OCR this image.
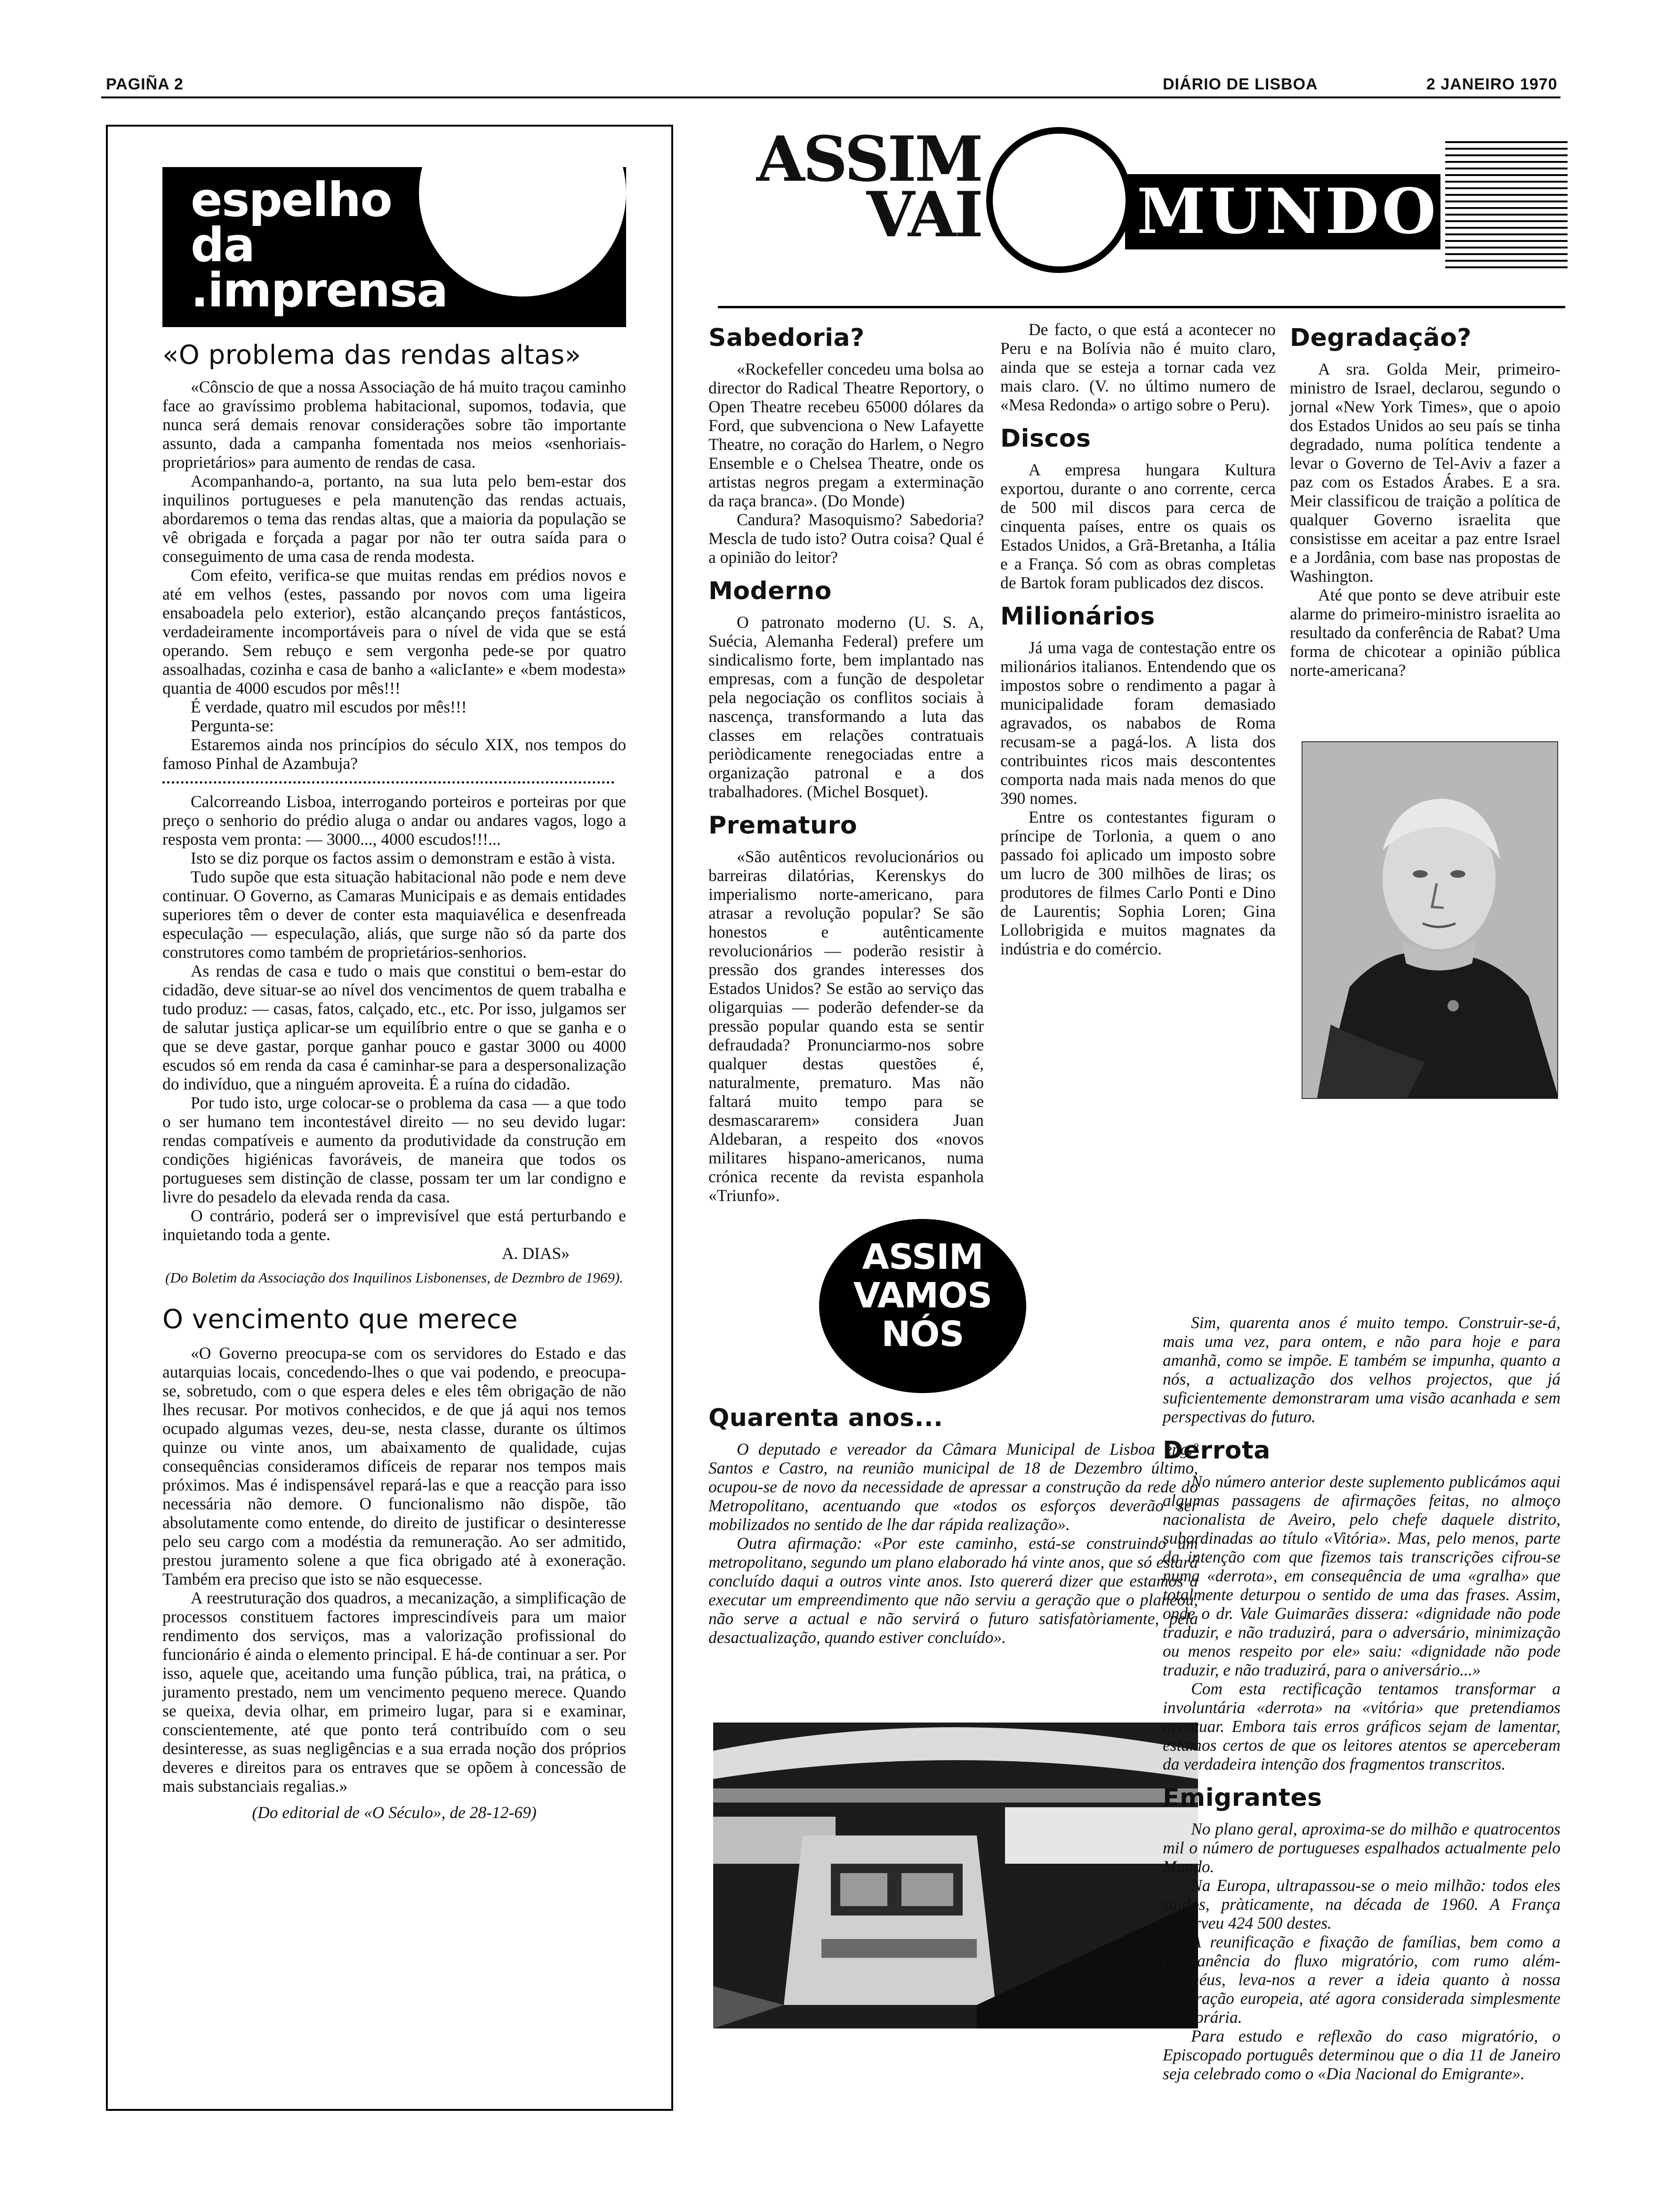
PAGIÑA 2	DIÁRIO DE LISBOA	2 JANEIRO 1970
espelho
da
.imprensa
«O problema das rendas altas»

«Cônscio de que a nossa Associação de há muito traçou caminho face ao gravíssimo problema habitacional, supomos, todavia, que nunca será demais renovar considerações sobre tão importante assunto, dada a campanha fomentada nos meios «senhoriais-proprietários» para aumento de rendas de casa.

Acompanhando-a, portanto, na sua luta pelo bem-estar dos inquilinos portugueses e pela manutenção das rendas actuais, abordaremos o tema das rendas altas, que a maioria da população se vê obrigada e forçada a pagar por não ter outra saída para o conseguimento de uma casa de renda modesta.

Com efeito, verifica-se que muitas rendas em prédios novos e até em velhos (estes, passando por novos com uma ligeira ensaboadela pelo exterior), estão alcançando preços fantásticos, verdadeiramente incomportáveis para o nível de vida que se está operando. Sem rebuço e sem vergonha pede-se por quatro assoalhadas, cozinha e casa de banho a «alicIante» e «bem modesta» quantia de 4000 escudos por mês!!!

É verdade, quatro mil escudos por mês!!!

Pergunta-se:

Estaremos ainda nos princípios do século XIX, nos tempos do famoso Pinhal de Azambuja?

Calcorreando Lisboa, interrogando porteiros e porteiras por que preço o senhorio do prédio aluga o andar ou andares vagos, logo a resposta vem pronta: — 3000..., 4000 escudos!!!...

Isto se diz porque os factos assim o demonstram e estão à vista.

Tudo supõe que esta situação habitacional não pode e nem deve continuar. O Governo, as Camaras Municipais e as demais entidades superiores têm o dever de conter esta maquiavélica e desenfreada especulação — especulação, aliás, que surge não só da parte dos construtores como também de proprietários-senhorios.

As rendas de casa e tudo o mais que constitui o bem-estar do cidadão, deve situar-se ao nível dos vencimentos de quem trabalha e tudo produz: — casas, fatos, calçado, etc., etc. Por isso, julgamos ser de salutar justiça aplicar-se um equilíbrio entre o que se ganha e o que se deve gastar, porque ganhar pouco e gastar 3000 ou 4000 escudos só em renda da casa é caminhar-se para a despersonalização do indivíduo, que a ninguém aproveita. É a ruína do cidadão.

Por tudo isto, urge colocar-se o problema da casa — a que todo o ser humano tem incontestável direito — no seu devido lugar: rendas compatíveis e aumento da produtividade da construção em condições higiénicas favoráveis, de maneira que todos os portugueses sem distinção de classe, possam ter um lar condigno e livre do pesadelo da elevada renda da casa.

O contrário, poderá ser o imprevisível que está perturbando e inquietando toda a gente.

A. DIAS»

(Do Boletim da Associação dos Inquilinos Lisbonenses, de Dezmbro de 1969).

O vencimento que merece

«O Governo preocupa-se com os servidores do Estado e das autarquias locais, concedendo-lhes o que vai podendo, e preocupa-se, sobretudo, com o que espera deles e eles têm obrigação de não lhes recusar. Por motivos conhecidos, e de que já aqui nos temos ocupado algumas vezes, deu-se, nesta classe, durante os últimos quinze ou vinte anos, um abaixamento de qualidade, cujas consequências consideramos difíceis de reparar nos tempos mais próximos. Mas é indispensável repará-las e que a reacção para isso necessária não demore. O funcionalismo não dispõe, tão absolutamente como entende, do direito de justificar o desinteresse pelo seu cargo com a modéstia da remuneração. Ao ser admitido, prestou juramento solene a que fica obrigado até à exoneração. Também era preciso que isto se não esquecesse.

A reestruturação dos quadros, a mecanização, a simplificação de processos constituem factores imprescindíveis para um maior rendimento dos serviços, mas a valorização profissional do funcionário é ainda o elemento principal. E há-de continuar a ser. Por isso, aquele que, aceitando uma função pública, trai, na prática, o juramento prestado, nem um vencimento pequeno merece. Quando se queixa, devia olhar, em primeiro lugar, para si e examinar, conscientemente, até que ponto terá contribuído com o seu desinteresse, as suas negligências e a sua errada noção dos próprios deveres e direitos para os entraves que se opõem à concessão de mais substanciais regalias.»

(Do editorial de «O Século», de 28-12-69)

ASSIM
VAI	MUNDO
Sabedoria?

«Rockefeller concedeu uma bolsa ao director do Radical Theatre Reportory, o Open Theatre recebeu 65000 dólares da Ford, que subvenciona o New Lafayette Theatre, no coração do Harlem, o Negro Ensemble e o Chelsea Theatre, onde os artistas negros pregam a exterminação da raça branca». (Do Monde)

Candura? Masoquismo? Sabedoria? Mescla de tudo isto? Outra coisa? Qual é a opinião do leitor?

Moderno

O patronato moderno (U. S. A, Suécia, Alemanha Federal) prefere um sindicalismo forte, bem implantado nas empresas, com a função de despoletar pela negociação os conflitos sociais à nascença, transformando a luta das classes em relações contratuais periòdicamente renegociadas entre a organização patronal e a dos trabalhadores. (Michel Bosquet).

Prematuro

«São autênticos revolucionários ou barreiras dilatórias, Kerenskys do imperialismo norte-americano, para atrasar a revolução popular? Se são honestos e autênticamente revolucionários — poderão resistir à pressão dos grandes interesses dos Estados Unidos? Se estão ao serviço das oligarquias — poderão defender-se da pressão popular quando esta se sentir defraudada? Pronunciarmo-nos sobre qualquer destas questões é, naturalmente, prematuro. Mas não faltará muito tempo para se desmascararem» considera Juan Aldebaran, a respeito dos «novos militares hispano-americanos, numa crónica recente da revista espanhola «Triunfo».

De facto, o que está a acontecer no Peru e na Bolívia não é muito claro, ainda que se esteja a tornar cada vez mais claro. (V. no último numero de «Mesa Redonda» o artigo sobre o Peru).

Discos

A empresa hungara Kultura exportou, durante o ano corrente, cerca de 500 mil discos para cerca de cinquenta países, entre os quais os Estados Unidos, a Grã-Bretanha, a Itália e a França. Só com as obras completas de Bartok foram publicados dez discos.

Milionários

Já uma vaga de contestação entre os milionários italianos. Entendendo que os impostos sobre o rendimento a pagar à municipalidade foram demasiado agravados, os nababos de Roma recusam-se a pagá-los. A lista dos contribuintes ricos mais descontentes comporta nada mais nada menos do que 390 nomes.

Entre os contestantes figuram o príncipe de Torlonia, a quem o ano passado foi aplicado um imposto sobre um lucro de 300 milhões de liras; os produtores de filmes Carlo Ponti e Dino de Laurentis; Sophia Loren; Gina Lollobrigida e muitos magnates da indústria e do comércio.

Degradação?

A sra. Golda Meir, primeiro-ministro de Israel, declarou, segundo o jornal «New York Times», que o apoio dos Estados Unidos ao seu país se tinha degradado, numa política tendente a levar o Governo de Tel-Aviv a fazer a paz com os Estados Árabes. E a sra. Meir classificou de traição a política de qualquer Governo israelita que consistisse em aceitar a paz entre Israel e a Jordânia, com base nas propostas de Washington.

Até que ponto se deve atribuir este alarme do primeiro-ministro israelita ao resultado da conferência de Rabat? Uma forma de chicotear a opinião pública norte-americana?

ASSIM
VAMOS
NÓS
Quarenta anos...

O deputado e vereador da Câmara Municipal de Lisboa eng.º Santos e Castro, na reunião municipal de 18 de Dezembro último, ocupou-se de novo da necessidade de apressar a construção da rede do Metropolitano, acentuando que «todos os esforços deverão ser mobilizados no sentido de lhe dar rápida realização».

Outra afirmação: «Por este caminho, está-se construindo um metropolitano, segundo um plano elaborado há vinte anos, que só estará concluído daqui a outros vinte anos. Isto quererá dizer que estamos a executar um empreendimento que não serviu a geração que o planeou, não serve a actual e não servirá o futuro satisfatòriamente, pela desactualização, quando estiver concluído».

Sim, quarenta anos é muito tempo. Construir-se-á, mais uma vez, para ontem, e não para hoje e para amanhã, como se impõe. E também se impunha, quanto a nós, a actualização dos velhos projectos, que já suficientemente demonstraram uma visão acanhada e sem perspectivas do futuro.

Derrota

No número anterior deste suplemento publicámos aqui algumas passagens de afirmações feitas, no almoço nacionalista de Aveiro, pelo chefe daquele distrito, subordinadas ao título «Vitória». Mas, pelo menos, parte da intenção com que fizemos tais transcrições cifrou-se numa «derrota», em consequência de uma «gralha» que totalmente deturpou o sentido de uma das frases. Assim, onde o dr. Vale Guimarães dissera: «dignidade não pode traduzir, e não traduzirá, para o adversário, minimização ou menos respeito por ele» saiu: «dignidade não pode traduzir, e não traduzirá, para o aniversário...»

Com esta rectificação tentamos transformar a involuntária «derrota» na «vitória» que pretendiamos acentuar. Embora tais erros gráficos sejam de lamentar, estamos certos de que os leitores atentos se aperceberam da verdadeira intenção dos fragmentos transcritos.

Emigrantes

No plano geral, aproxima-se do milhão e quatrocentos mil o número de portugueses espalhados actualmente pelo Mundo.

Na Europa, ultrapassou-se o meio milhão: todos eles saídos, pràticamente, na década de 1960. A França absorveu 424 500 destes.

A reunificação e fixação de famílias, bem como a permanência do fluxo migratório, com rumo além-Pirenéus, leva-nos a rever a ideia quanto à nossa emigração europeia, até agora considerada simplesmente temporária.

Para estudo e reflexão do caso migratório, o Episcopado português determinou que o dia 11 de Janeiro seja celebrado como o «Dia Nacional do Emigrante».
